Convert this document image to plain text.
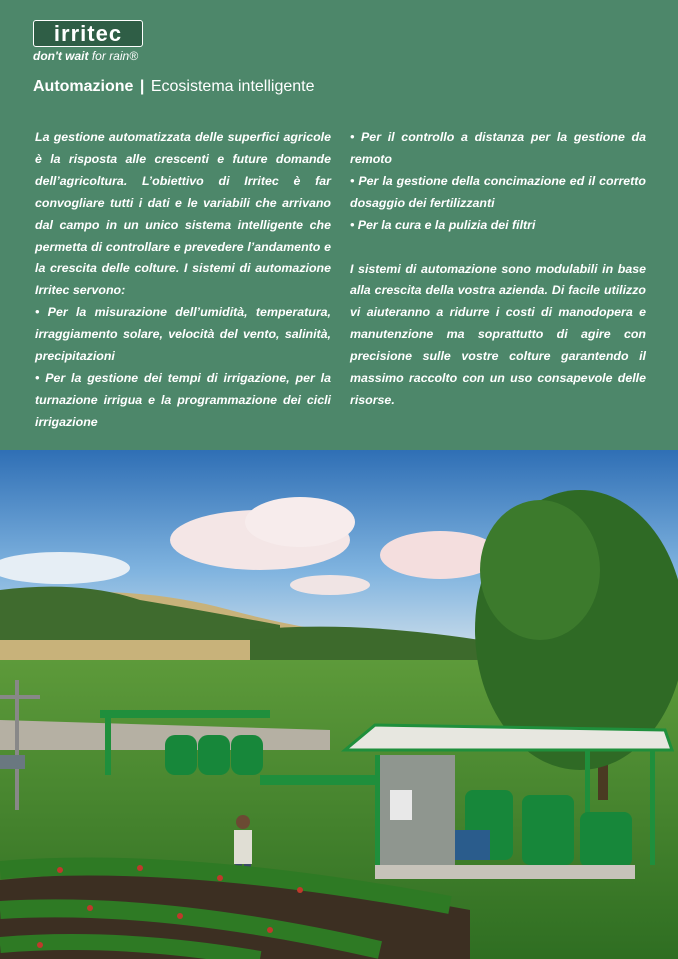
irritec
don't wait for rain®
Automazione | Ecosistema intelligente

La gestione automatizzata delle superfici agricole è la risposta alle crescenti e future domande dell’agricoltura. L’obiettivo di Irritec è far convogliare tutti i dati e le variabili che arrivano dal campo in un unico sistema intelligente che permetta di controllare e prevedere l’andamento e la crescita delle colture. I sistemi di automazione Irritec servono:

• Per la misurazione dell’umidità, temperatura, irraggiamento solare, velocità del vento, salinità, precipitazioni

• Per la gestione dei tempi di irrigazione, per la turnazione irrigua e la programmazione dei cicli irrigazione

• Per il controllo a distanza per la gestione da remoto

• Per la gestione della concimazione ed il corretto dosaggio dei fertilizzanti

• Per la cura e la pulizia dei filtri

I sistemi di automazione sono modulabili in base alla crescita della vostra azienda. Di facile utilizzo vi aiuteranno a ridurre i costi di manodopera e manutenzione ma soprattutto di agire con precisione sulle vostre colture garantendo il massimo raccolto con un uso consapevole delle risorse.
